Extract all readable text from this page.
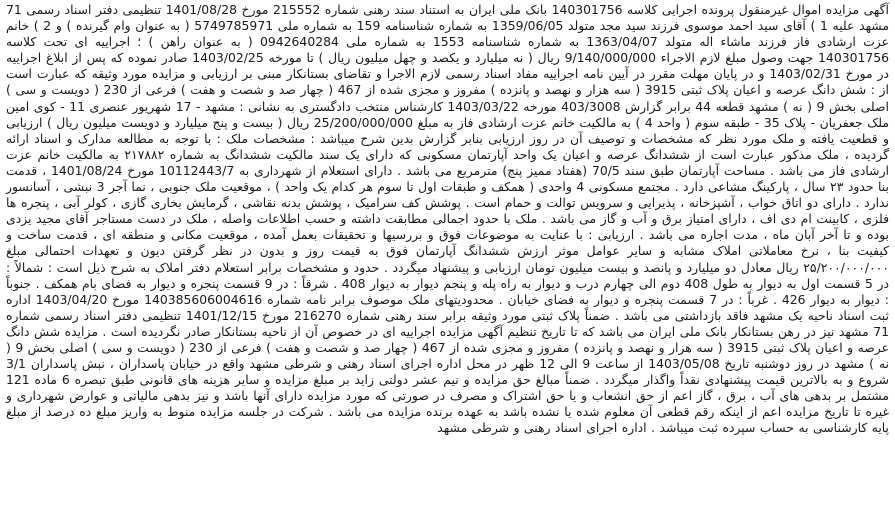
آگهی مزایده اموال غیرمنقول پرونده اجرایی کلاسه 140301756 بانک ملی ایران به استناد سند رهنی شماره 215552 مورخ 1401/08/28 تنظیمی دفتر اسناد رسمی 71 مشهد علیه 1 ) آقای سید احمد موسوی فرزند سید مجد متولد 1359/06/05 به شماره شناسنامه 159 به شماره ملی 5749785971 ( به عنوان وام گیرنده ) و 2 ) خانم عزت ارشادی فاز فرزند ماشاء اله متولد 1363/04/07 به شماره شناسنامه 1553 به شماره ملی 0942640284 ( به عنوان راهن ) ؛ اجراییه ای تحت کلاسه 140301756 جهت وصول مبلغ لازم الاجراء 9/140/000/000 ریال ( نه میلیارد و یکصد و چهل میلیون ریال ) تا مورخه 1403/02/25 صادر نموده که پس از ابلاغ اجراییه در مورخ 1403/02/31 و در پایان مهلت مقرر در آیین نامه اجراییه مفاد اسناد رسمی لازم الاجرا و تقاضای بستانکار مبنی بر ارزیابی و مزایده مورد وثیقه که عبارت است از : شش دانگ عرصه و اعیان پلاک ثبتی 3915 ( سه هزار و نهصد و پانزده ) مفروز و مجزی شده از 467 ( چهار صد و شصت و هفت ) فرعی از 230 ( دویست و سی ) اصلی بخش 9 ( نه ) مشهد قطعه 44 برابر گزارش 403/3008 مورخه 1403/03/22 کارشناس منتخب دادگستری به نشانی : مشهد - 17 شهریور عنصری 11 - کوی امین ملک جعفریان - پلاک 35 - طبقه سوم ( واحد 4 ) به مالکیت خانم عزت ارشادی فاز به مبلغ 25/200/000/000 ریال ( بیست و پنج میلیارد و دویست میلیون ریال ) ارزیابی و قطعیت یافته و ملک مورد نظر که مشخصات و توصیف آن در روز ارزیابی بنابر گزارش بدین شرح میباشد : مشخصات ملک : با توجه به مطالعه مدارک و اسناد ارائه گردیده ، ملک مذکور عبارت است از ششدانگ عرصه و اعیان یک واحد آپارتمان مسکونی که دارای یک سند مالکیت ششدانگ به شماره ۲۱۷۸۸۲ به مالکیت خانم عزت ارشادی فاز می باشد . مساحت آپارتمان طبق سند 70/5 (هفتاد ممیز پنج) مترمربع می باشد . دارای استعلام از شهرداری به 10112443/7 مورخ 1401/08/24 ، قدمت بنا حدود ۲۳ سال ، پارکینگ مشاعی دارد . مجتمع مسکونی 4 واحدی ( همکف و طبقات اول تا سوم هر کدام یک واحد ) ، موقعیت ملک جنوبی ، نما آجر 3 نبشی ، آسانسور ندارد . دارای دو اتاق خواب ، آشپزخانه ، پذیرایی و سرویس توالت و حمام است . پوشش کف سرامیک ، پوشش بدنه نقاشی ، گرمایش بخاری گازی ، کولر آبی ، پنجره ها فلزی ، کابینت ام دی اف ، دارای امتیاز برق و آب و گاز می باشد . ملک با حدود اجمالی مطابقت داشته و حسب اطلاعات واصله ، ملک در دست مستاجر آقای مجید یزدی بوده و تا آخر آبان ماه ، مدت اجاره می باشد . ارزیابی : با عنایت به موضوعات فوق و بررسیها و تحقیقات بعمل آمده ، موقعیت مکانی و منطقه ای ، قدمت ساخت و کیفیت بنا ، نرخ معاملاتی املاک مشابه و سایر عوامل موثر ارزش ششدانگ آپارتمان فوق به قیمت روز و بدون در نظر گرفتن دیون و تعهدات احتمالی مبلغ ۲۵/۲۰۰/۰۰۰/۰۰۰ ریال معادل دو میلیارد و پانصد و بیست میلیون تومان ارزیابی و پیشنهاد میگردد . حدود و مشخصات برابر استعلام دفتر املاک به شرح ذیل است : شمالاً : در 5 قسمت اول به دیوار به طول 408 دوم الی چهارم درب و دیوار به راه پله و پنجم دیوار به دیوار 408 . شرقاً : در 9 قسمت پنجره و دیوار به فضای بام همکف . جنوباً : دیوار به دیوار 426 . غرباً : در 7 قسمت پنجره و دیوار به فضای خیابان . محدودیتهای ملک موصوف برابر نامه شماره 140385606004616 مورخ 1403/04/20 اداره ثبت اسناد ناحیه یک مشهد فاقد بازداشتی می باشد . ضمناً پلاک ثبتی مورد وثیقه برابر سند رهنی شماره 216270 مورخ 1401/12/15 تنظیمی دفتر اسناد رسمی شماره 71 مشهد نیز در رهن بستانکار بانک ملی ایران می باشد که تا تاریخ تنظیم آگهی مزایده اجراییه ای در خصوص آن از ناحیه بستانکار صادر نگردیده است . مزایده شش دانگ عرصه و اعیان پلاک ثبتی 3915 ( سه هزار و نهصد و پانزده ) مفروز و مجزی شده از 467 ( چهار صد و شصت و هفت ) فرعی از 230 ( دویست و سی ) اصلی بخش 9 ( نه ) مشهد در روز دوشنبه تاریخ 1403/05/08 از ساعت 9 الی 12 ظهر در محل اداره اجرای اسناد رهنی و شرطی مشهد واقع در خیابان پاسداران ، نبش پاسداران 3/1 شروع و به بالاترین قیمت پیشنهادی نقداً واگذار میگردد . ضمناً مبالغ حق مزایده و نیم عشر دولتی زاید بر مبلغ مزایده و سایر هزینه های قانونی طبق تبصره 6 ماده 121 مشتمل بر بدهی های آب ، برق ، گاز اعم از حق انشعاب و یا حق اشتراک و مصرف در صورتی که مورد مزایده دارای آنها باشد و نیز بدهی مالیاتی و عوارض شهرداری و غیره تا تاریخ مزایده اعم از اینکه رقم قطعی آن معلوم شده یا نشده باشد به عهده برنده مزایده می باشد . شرکت در جلسه مزایده منوط به واریز مبلغ ده درصد از مبلغ پایه کارشناسی به حساب سپرده ثبت میباشد . اداره اجرای اسناد رهنی و شرطی مشهد
